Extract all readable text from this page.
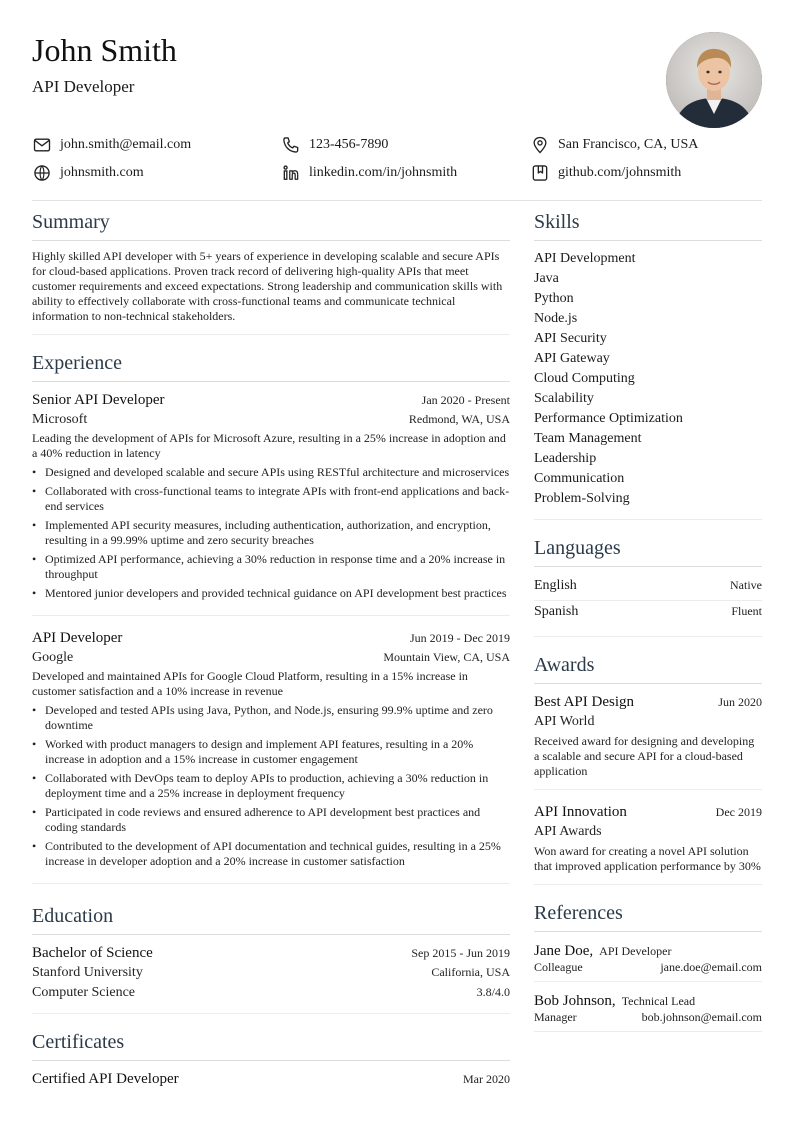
John Smith
API Developer
john.smith@email.com	123-456-7890	San Francisco, CA, USA
johnsmith.com	linkedin.com/in/johnsmith	github.com/johnsmith
Summary
Highly skilled API developer with 5+ years of experience in developing scalable and secure APIs for cloud-based applications. Proven track record of delivering high-quality APIs that meet customer requirements and exceed expectations. Strong leadership and communication skills with ability to effectively collaborate with cross-functional teams and communicate technical information to non-technical stakeholders.
Experience
Senior API Developer	Jan 2020 - Present
Microsoft	Redmond, WA, USA
Leading the development of APIs for Microsoft Azure, resulting in a 25% increase in adoption and a 40% reduction in latency
• Designed and developed scalable and secure APIs using RESTful architecture and microservices
• Collaborated with cross-functional teams to integrate APIs with front-end applications and back-end services
• Implemented API security measures, including authentication, authorization, and encryption, resulting in a 99.99% uptime and zero security breaches
• Optimized API performance, achieving a 30% reduction in response time and a 20% increase in throughput
• Mentored junior developers and provided technical guidance on API development best practices
API Developer	Jun 2019 - Dec 2019
Google	Mountain View, CA, USA
Developed and maintained APIs for Google Cloud Platform, resulting in a 15% increase in customer satisfaction and a 10% increase in revenue
• Developed and tested APIs using Java, Python, and Node.js, ensuring 99.9% uptime and zero downtime
• Worked with product managers to design and implement API features, resulting in a 20% increase in adoption and a 15% increase in customer engagement
• Collaborated with DevOps team to deploy APIs to production, achieving a 30% reduction in deployment time and a 25% increase in deployment frequency
• Participated in code reviews and ensured adherence to API development best practices and coding standards
• Contributed to the development of API documentation and technical guides, resulting in a 25% increase in developer adoption and a 20% increase in customer satisfaction
Education
Bachelor of Science	Sep 2015 - Jun 2019
Stanford University	California, USA
Computer Science	3.8/4.0
Certificates
Certified API Developer	Mar 2020
Skills
API Development
Java
Python
Node.js
API Security
API Gateway
Cloud Computing
Scalability
Performance Optimization
Team Management
Leadership
Communication
Problem-Solving
Languages
English	Native
Spanish	Fluent
Awards
Best API Design	Jun 2020
API World
Received award for designing and developing a scalable and secure API for a cloud-based application
API Innovation	Dec 2019
API Awards
Won award for creating a novel API solution that improved application performance by 30%
References
Jane Doe, API Developer
Colleague	jane.doe@email.com
Bob Johnson, Technical Lead
Manager	bob.johnson@email.com
